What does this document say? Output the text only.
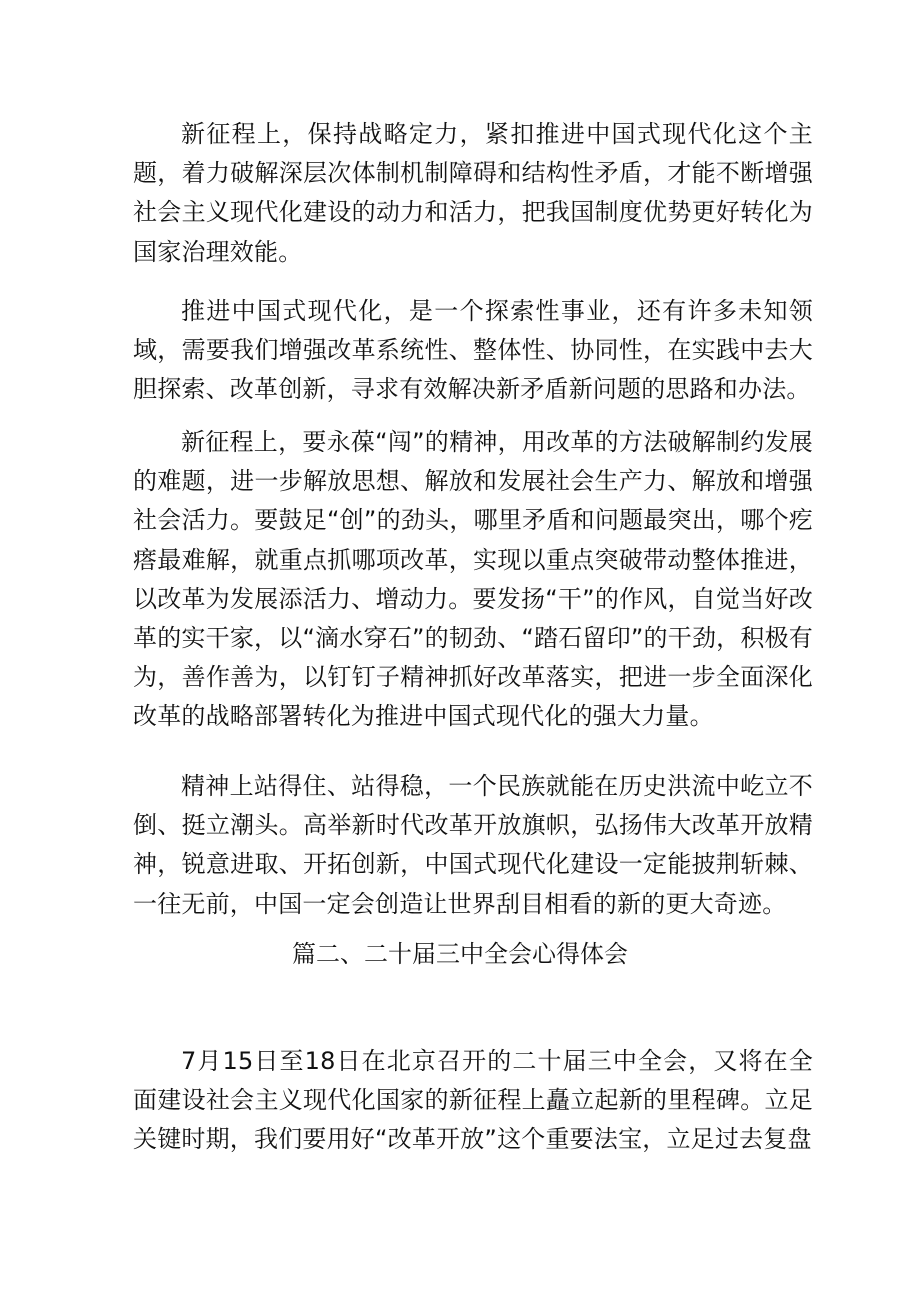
新征程上，保持战略定力，紧扣推进中国式现代化这个主题，着力破解深层次体制机制障碍和结构性矛盾，才能不断增强社会主义现代化建设的动力和活力，把我国制度优势更好转化为国家治理效能。

推进中国式现代化，是一个探索性事业，还有许多未知领域，需要我们增强改革系统性、整体性、协同性，在实践中去大胆探索、改革创新，寻求有效解决新矛盾新问题的思路和办法。

新征程上，要永葆“闯”的精神，用改革的方法破解制约发展的难题，进一步解放思想、解放和发展社会生产力、解放和增强社会活力。要鼓足“创”的劲头，哪里矛盾和问题最突出，哪个疙瘩最难解，就重点抓哪项改革，实现以重点突破带动整体推进，以改革为发展添活力、增动力。要发扬“干”的作风，自觉当好改革的实干家，以“滴水穿石”的韧劲、“踏石留印”的干劲，积极有为，善作善为，以钉钉子精神抓好改革落实，把进一步全面深化改革的战略部署转化为推进中国式现代化的强大力量。

精神上站得住、站得稳，一个民族就能在历史洪流中屹立不倒、挺立潮头。高举新时代改革开放旗帜，弘扬伟大改革开放精神，锐意进取、开拓创新，中国式现代化建设一定能披荆斩棘、一往无前，中国一定会创造让世界刮目相看的新的更大奇迹。

篇二、二十届三中全会心得体会

7月15日至18日在北京召开的二十届三中全会，又将在全面建设社会主义现代化国家的新征程上矗立起新的里程碑。立足关键时期，我们要用好“改革开放”这个重要法宝，立足过去复盘
